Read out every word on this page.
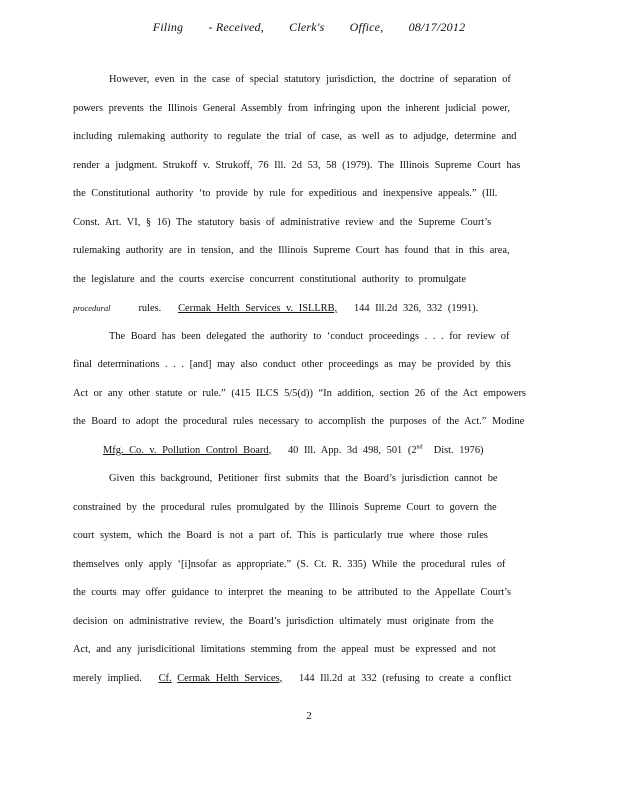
Filing - Received, Clerk's Office, 08/17/2012
However, even in the case of special statutory jurisdiction, the doctrine of separation of
powers prevents the Illinois General Assembly from infringing upon the inherent judicial power,
including rulemaking authority to regulate the trial of case, as well as to adjudge, determine and
render a judgment. Strukoff v. Strukoff, 76 Ill. 2d 53, 58 (1979). The Illinois Supreme Court has
the Constitutional authority ‘to provide by rule for expeditious and inexpensive appeals.” (Ill.
Const. Art. VI, § 16) The statutory basis of administrative review and the Supreme Court’s
rulemaking authority are in tension, and the Illinois Supreme Court has found that in this area,
the legislature and the courts exercise concurrent constitutional authority to promulgate
procedural	rules. Cermak Helth Services v. ISLLRB, 144 Ill.2d 326, 332 (1991).
The Board has been delegated the authority to ‘conduct proceedings . . . for review of
final determinations . . . [and] may also conduct other proceedings as may be provided by this
Act or any other statute or rule.” (415 ILCS 5/5(d)) “In addition, section 26 of the Act empowers
the Board to adopt the procedural rules necessary to accomplish the purposes of the Act.” Modine
Mfg. Co. v. Pollution Control Board, 40 Ill. App. 3d 498, 501 (2nd Dist. 1976)
Given this background, Petitioner first submits that the Board’s jurisdiction cannot be
constrained by the procedural rules promulgated by the Illinois Supreme Court to govern the
court system, which the Board is not a part of. This is particularly true where those rules
themselves only apply ‘[i]nsofar as appropriate.” (S. Ct. R. 335) While the procedural rules of
the courts may offer guidance to interpret the meaning to be attributed to the Appellate Court’s
decision on administrative review, the Board’s jurisdiction ultimately must originate from the
Act, and any jurisdicitional limitations stemming from the appeal must be expressed and not
merely implied. Cf. Cermak Helth Services, 144 Ill.2d at 332 (refusing to create a conflict
2
